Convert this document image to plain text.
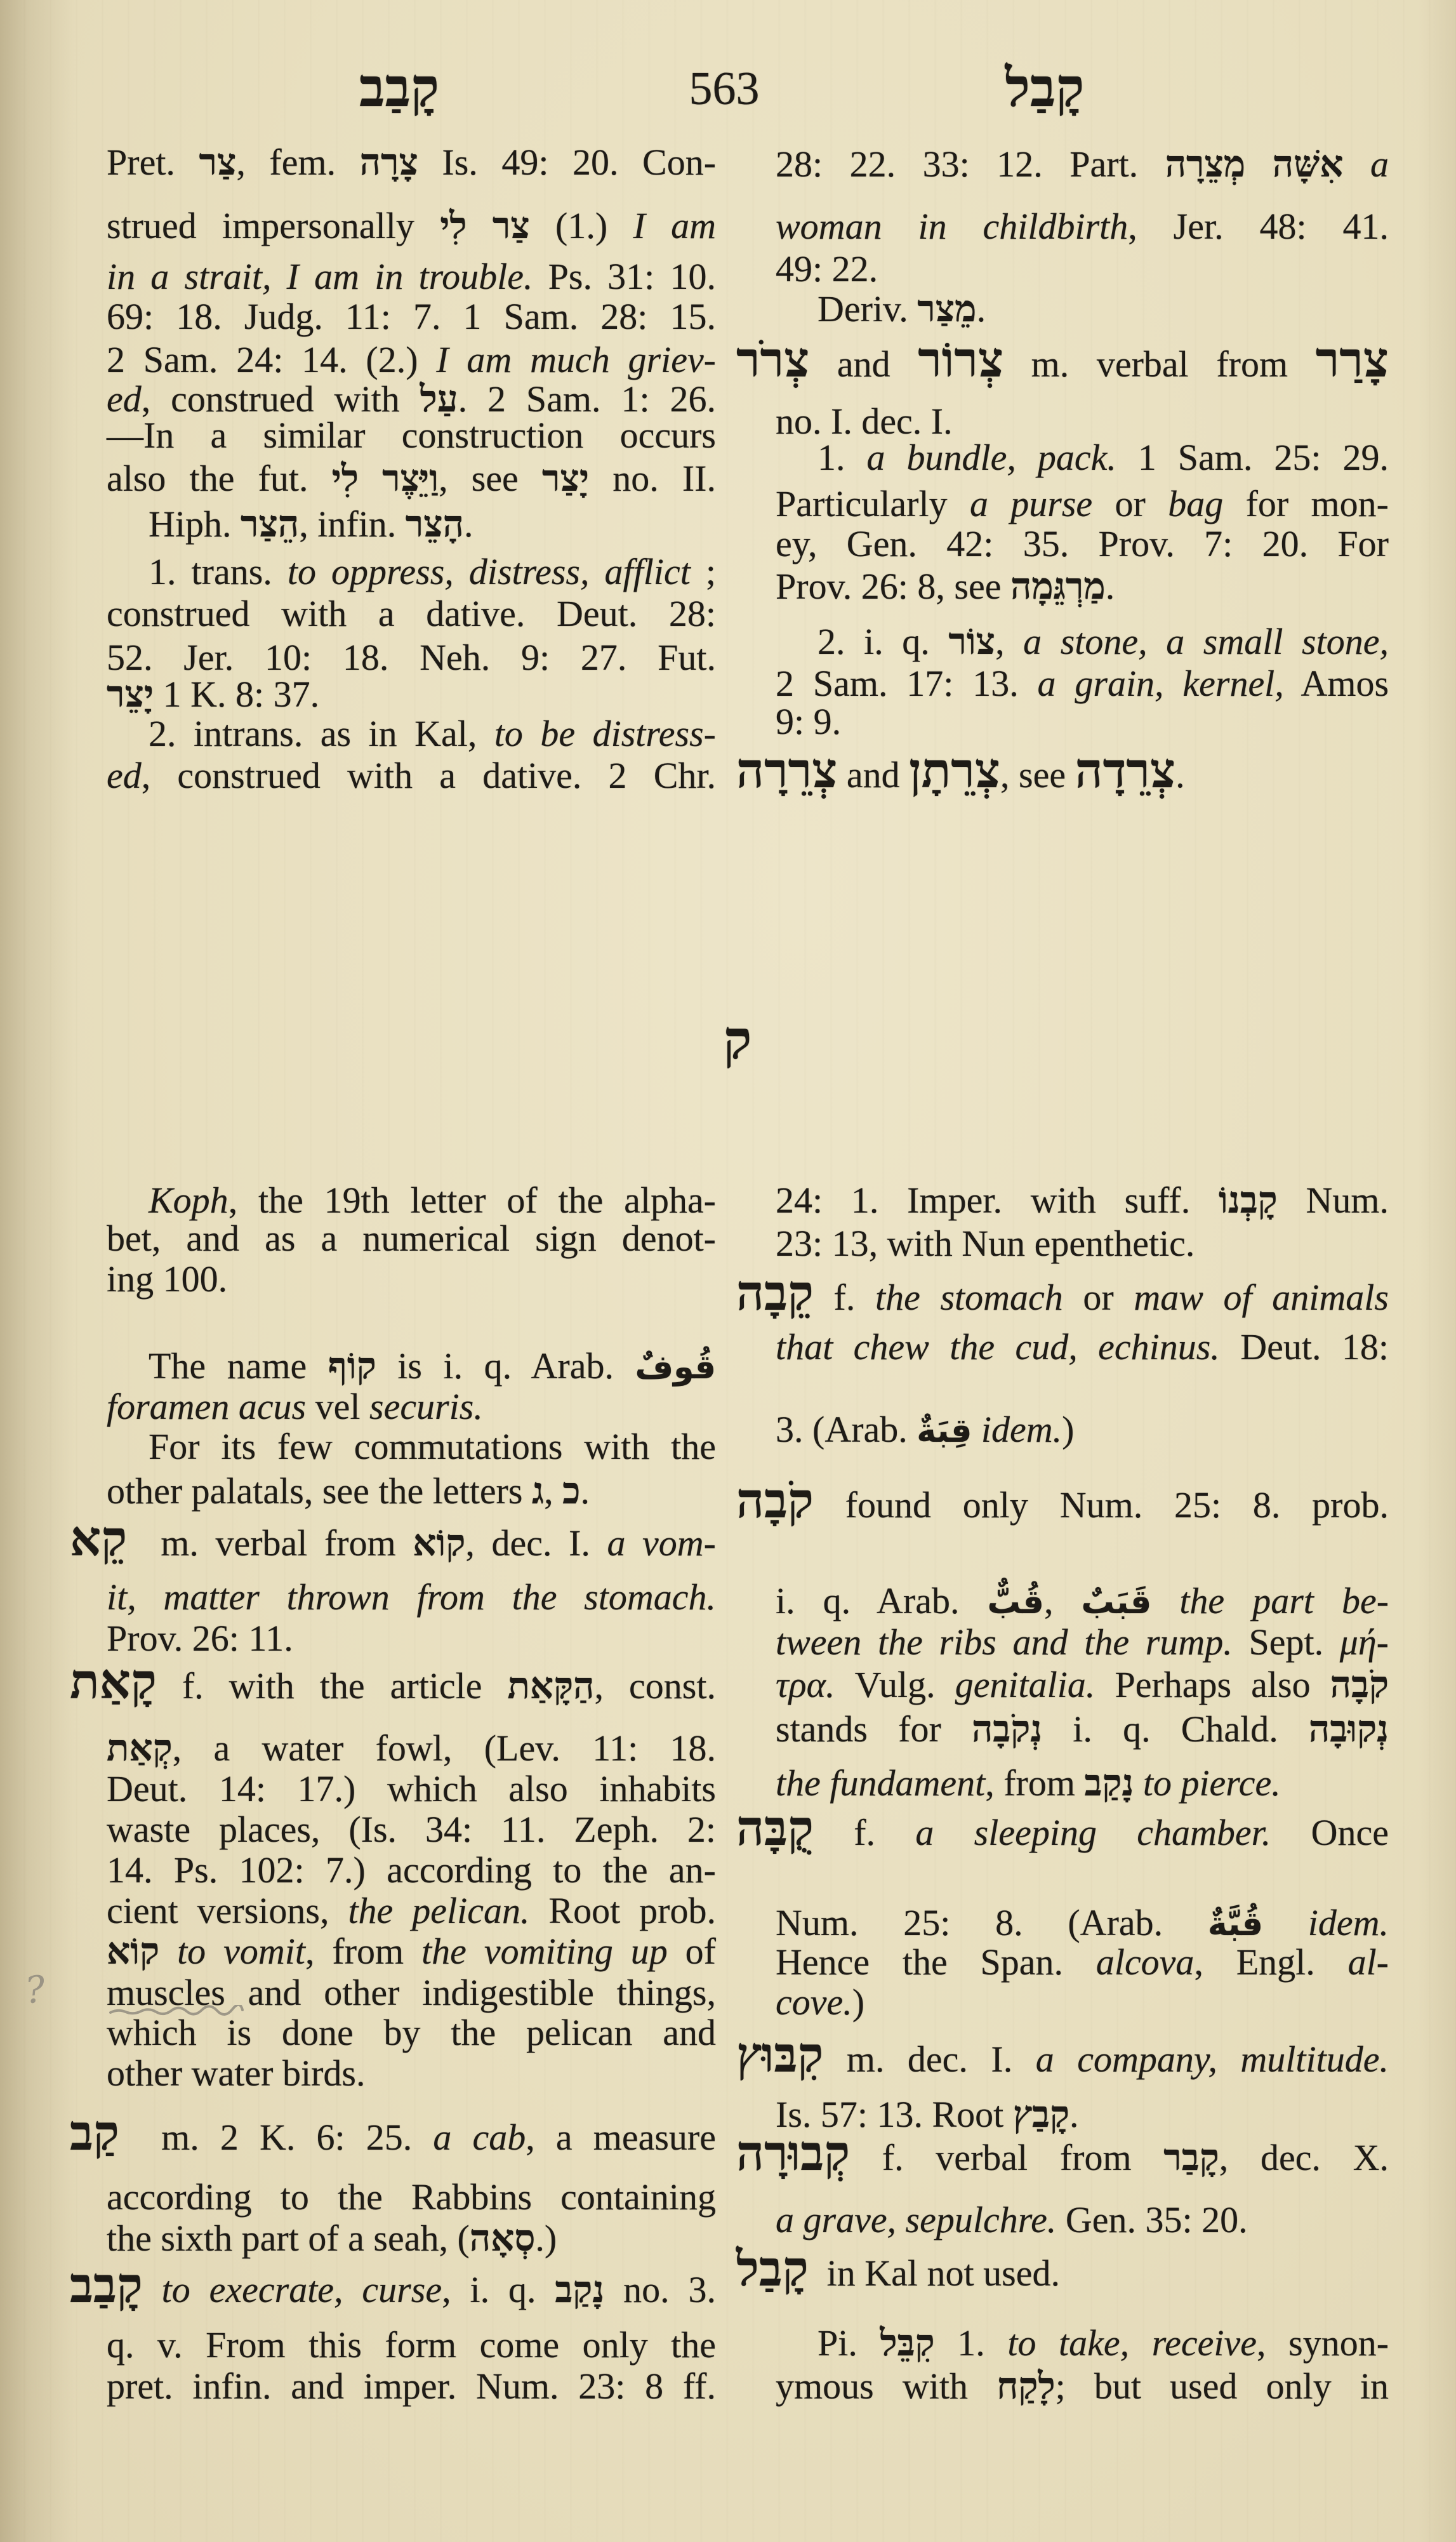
קָבַב	563	קָבַל
Pret. צַר, fem. צָרָה Is. 49: 20. Con-
strued impersonally צַר לִי (1.) I am
in a strait, I am in trouble. Ps. 31: 10.
69: 18. Judg. 11: 7. 1 Sam. 28: 15.
2 Sam. 24: 14. (2.) I am much griev-
ed, construed with עַל. 2 Sam. 1: 26.
—In a similar construction occurs
also the fut. וַיֵּצֶר לִי, see יָצַר no. II.
Hiph. הֵצַר, infin. הָצֵר.
1. trans. to oppress, distress, afflict ;
construed with a dative. Deut. 28:
52. Jer. 10: 18. Neh. 9: 27. Fut.
יָצֵר 1 K. 8: 37.
2. intrans. as in Kal, to be distress-
ed, construed with a dative. 2 Chr.
28: 22. 33: 12. Part. אִשָּׁה מְצֵרָה a
woman in childbirth, Jer. 48: 41.
49: 22.
Deriv. מֵצַר.
צְרֹר and צְרוֹר m. verbal from צָרַר
no. I. dec. I.
1. a bundle, pack. 1 Sam. 25: 29.
Particularly a purse or bag for mon-
ey, Gen. 42: 35. Prov. 7: 20. For
Prov. 26: 8, see מַרְגֵּמָה.
2. i. q. צוֹר, a stone, a small stone,
2 Sam. 17: 13. a grain, kernel, Amos
9: 9.
צְרֵרָה and צְרֵתָן, see צְרֵדָה.
ק
Koph, the 19th letter of the alpha-
bet, and as a numerical sign denot-
ing 100.
The name קוֹף is i. q. Arab. قُوفٌ
foramen acus vel securis.
For its few commutations with the
other palatals, see the letters ג, כ.
קֵא  m. verbal from קוֹא, dec. I. a vom-
it, matter thrown from the stomach.
Prov. 26: 11.
קָאַת f. with the article הַקָּאַת, const.
קְאַת, a water fowl, (Lev. 11: 18.
Deut. 14: 17.) which also inhabits
waste places, (Is. 34: 11. Zeph. 2:
14. Ps. 102: 7.) according to the an-
cient versions, the pelican. Root prob.
קוֹא to vomit, from the vomiting up of
muscles and other indigestible things,
which is done by the pelican and
other water birds.
קַב  m. 2 K. 6: 25. a cab, a measure
according to the Rabbins containing
the sixth part of a seah, (סְאָה.)
קָבַב to execrate, curse, i. q. נָקַב no. 3.
q. v. From this form come only the
pret. infin. and imper. Num. 23: 8 ff.
24: 1. Imper. with suff. קָבְנוֹ Num.
23: 13, with Nun epenthetic.
קֵבָה f. the stomach or maw of animals
that chew the cud, echinus. Deut. 18:
3. (Arab. قِبَةٌ idem.)
קֹבָה found only Num. 25: 8. prob.
i. q. Arab. قُبٌّ, قَبَبٌ the part be-
tween the ribs and the rump. Sept. μή-
τρα. Vulg. genitalia. Perhaps also קֹבָה
stands for נְקֹבָה i. q. Chald. נְקוּבָה
the fundament, from נָקַב to pierce.
קֻבָּה f. a sleeping chamber. Once
Num. 25: 8. (Arab. قُبَّةٌ idem.
Hence the Span. alcova, Engl. al-
cove.)
קִבּוּץ m. dec. I. a company, multitude.
Is. 57: 13. Root קָבַץ.
קְבוּרָה f. verbal from קָבַר, dec. X.
a grave, sepulchre. Gen. 35: 20.
קָבַל  in Kal not used.
Pi. קִבֵּל 1. to take, receive, synon-
ymous with לָקַח; but used only in
?
